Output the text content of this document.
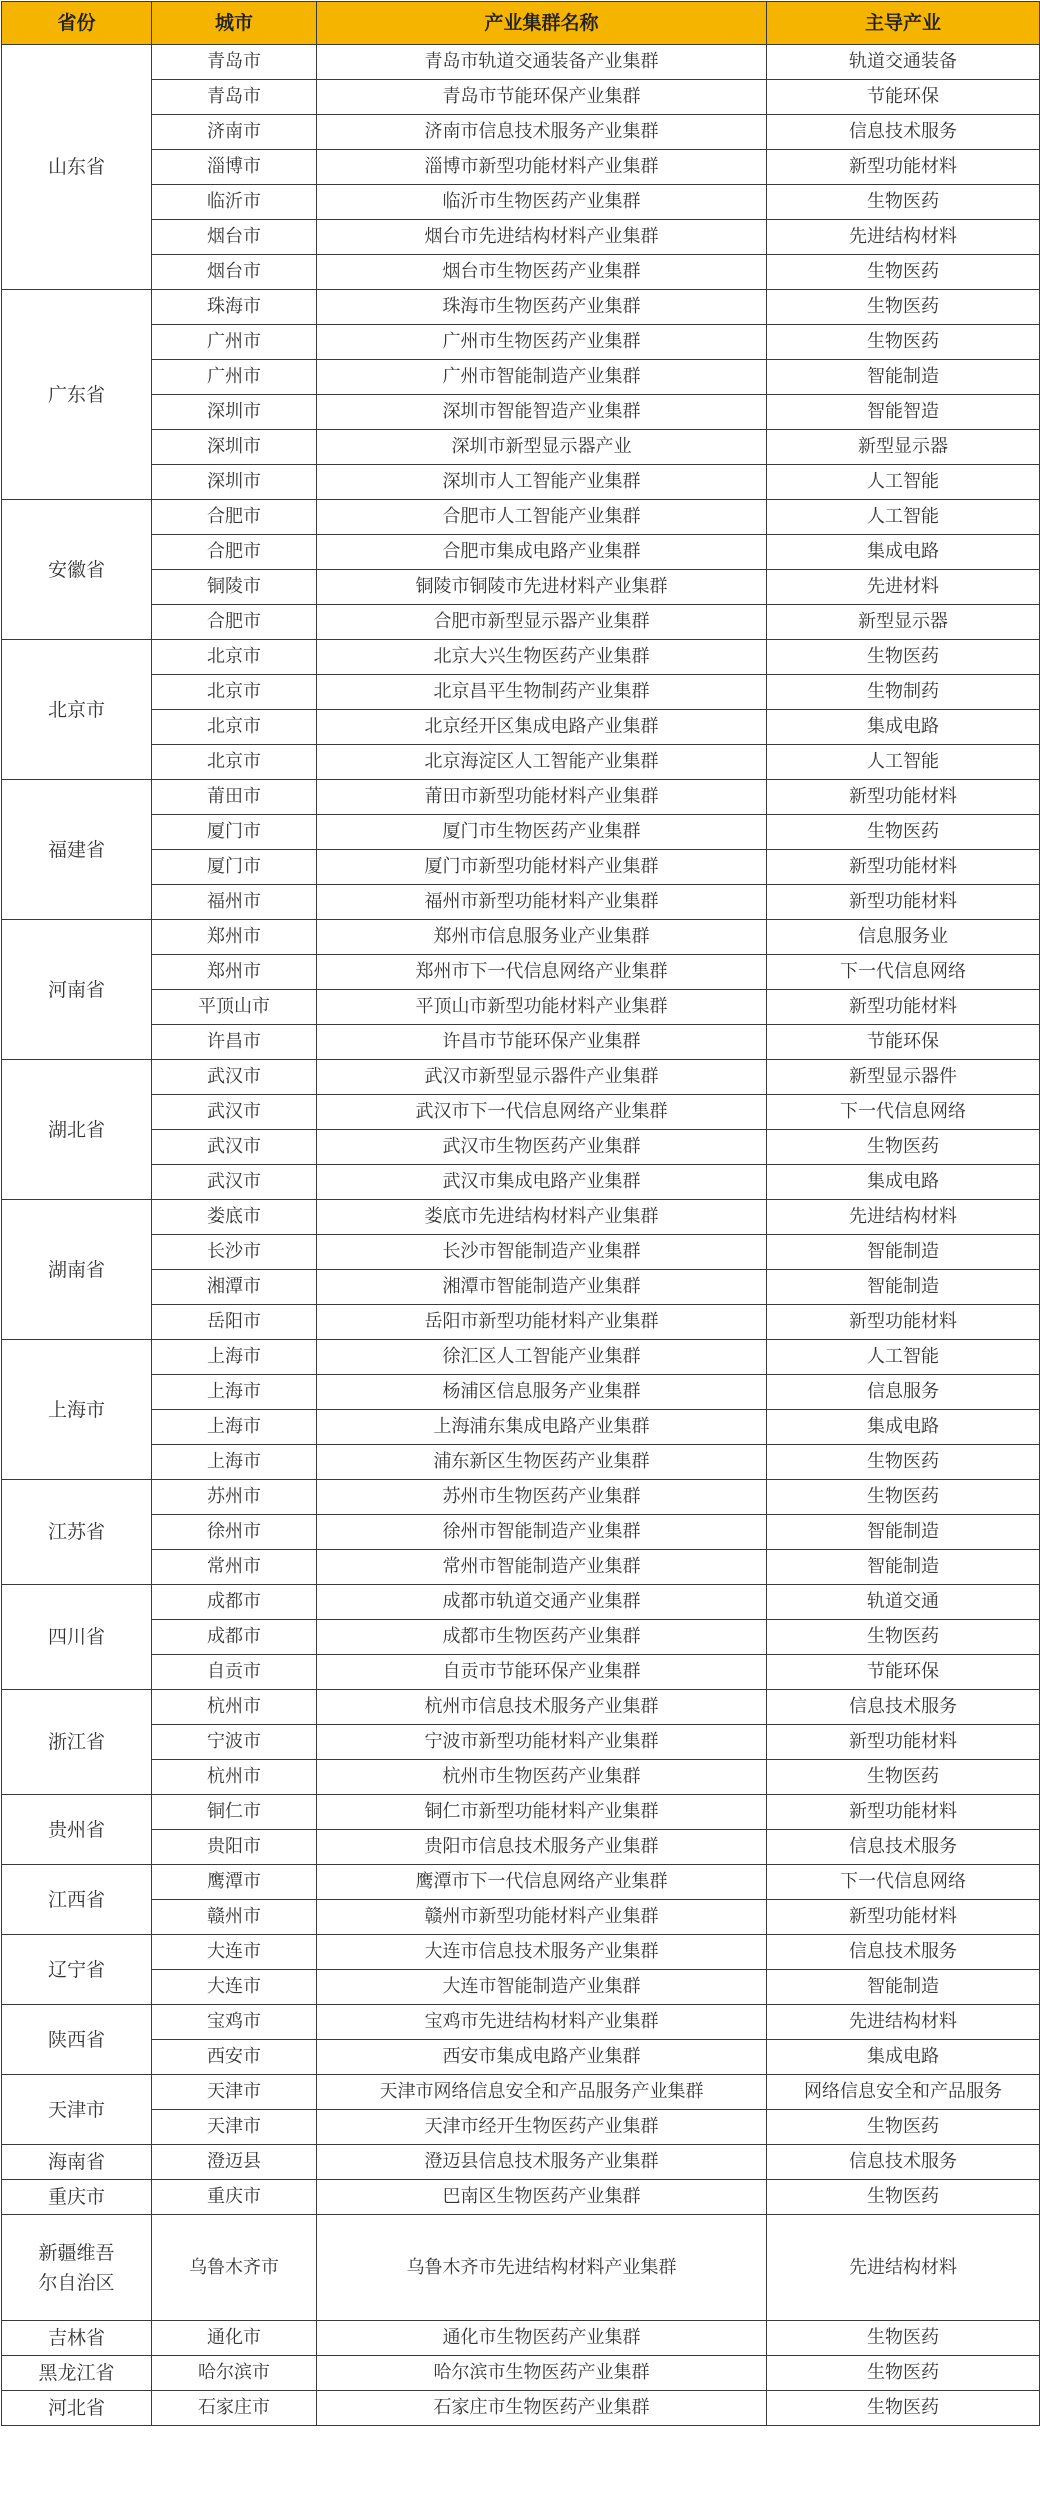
省份	城市	产业集群名称	主导产业
山东省	青岛市	青岛市轨道交通装备产业集群	轨道交通装备
	青岛市	青岛市节能环保产业集群	节能环保
	济南市	济南市信息技术服务产业集群	信息技术服务
	淄博市	淄博市新型功能材料产业集群	新型功能材料
	临沂市	临沂市生物医药产业集群	生物医药
	烟台市	烟台市先进结构材料产业集群	先进结构材料
	烟台市	烟台市生物医药产业集群	生物医药
广东省	珠海市	珠海市生物医药产业集群	生物医药
	广州市	广州市生物医药产业集群	生物医药
	广州市	广州市智能制造产业集群	智能制造
	深圳市	深圳市智能智造产业集群	智能智造
	深圳市	深圳市新型显示器产业	新型显示器
	深圳市	深圳市人工智能产业集群	人工智能
安徽省	合肥市	合肥市人工智能产业集群	人工智能
	合肥市	合肥市集成电路产业集群	集成电路
	铜陵市	铜陵市铜陵市先进材料产业集群	先进材料
	合肥市	合肥市新型显示器产业集群	新型显示器
北京市	北京市	北京大兴生物医药产业集群	生物医药
	北京市	北京昌平生物制药产业集群	生物制药
	北京市	北京经开区集成电路产业集群	集成电路
	北京市	北京海淀区人工智能产业集群	人工智能
福建省	莆田市	莆田市新型功能材料产业集群	新型功能材料
	厦门市	厦门市生物医药产业集群	生物医药
	厦门市	厦门市新型功能材料产业集群	新型功能材料
	福州市	福州市新型功能材料产业集群	新型功能材料
河南省	郑州市	郑州市信息服务业产业集群	信息服务业
	郑州市	郑州市下一代信息网络产业集群	下一代信息网络
	平顶山市	平顶山市新型功能材料产业集群	新型功能材料
	许昌市	许昌市节能环保产业集群	节能环保
湖北省	武汉市	武汉市新型显示器件产业集群	新型显示器件
	武汉市	武汉市下一代信息网络产业集群	下一代信息网络
	武汉市	武汉市生物医药产业集群	生物医药
	武汉市	武汉市集成电路产业集群	集成电路
湖南省	娄底市	娄底市先进结构材料产业集群	先进结构材料
	长沙市	长沙市智能制造产业集群	智能制造
	湘潭市	湘潭市智能制造产业集群	智能制造
	岳阳市	岳阳市新型功能材料产业集群	新型功能材料
上海市	上海市	徐汇区人工智能产业集群	人工智能
	上海市	杨浦区信息服务产业集群	信息服务
	上海市	上海浦东集成电路产业集群	集成电路
	上海市	浦东新区生物医药产业集群	生物医药
江苏省	苏州市	苏州市生物医药产业集群	生物医药
	徐州市	徐州市智能制造产业集群	智能制造
	常州市	常州市智能制造产业集群	智能制造
四川省	成都市	成都市轨道交通产业集群	轨道交通
	成都市	成都市生物医药产业集群	生物医药
	自贡市	自贡市节能环保产业集群	节能环保
浙江省	杭州市	杭州市信息技术服务产业集群	信息技术服务
	宁波市	宁波市新型功能材料产业集群	新型功能材料
	杭州市	杭州市生物医药产业集群	生物医药
贵州省	铜仁市	铜仁市新型功能材料产业集群	新型功能材料
	贵阳市	贵阳市信息技术服务产业集群	信息技术服务
江西省	鹰潭市	鹰潭市下一代信息网络产业集群	下一代信息网络
	赣州市	赣州市新型功能材料产业集群	新型功能材料
辽宁省	大连市	大连市信息技术服务产业集群	信息技术服务
	大连市	大连市智能制造产业集群	智能制造
陕西省	宝鸡市	宝鸡市先进结构材料产业集群	先进结构材料
	西安市	西安市集成电路产业集群	集成电路
天津市	天津市	天津市网络信息安全和产品服务产业集群	网络信息安全和产品服务
	天津市	天津市经开生物医药产业集群	生物医药
海南省	澄迈县	澄迈县信息技术服务产业集群	信息技术服务
重庆市	重庆市	巴南区生物医药产业集群	生物医药
新疆维吾尔自治区	乌鲁木齐市	乌鲁木齐市先进结构材料产业集群	先进结构材料
吉林省	通化市	通化市生物医药产业集群	生物医药
黑龙江省	哈尔滨市	哈尔滨市生物医药产业集群	生物医药
河北省	石家庄市	石家庄市生物医药产业集群	生物医药
